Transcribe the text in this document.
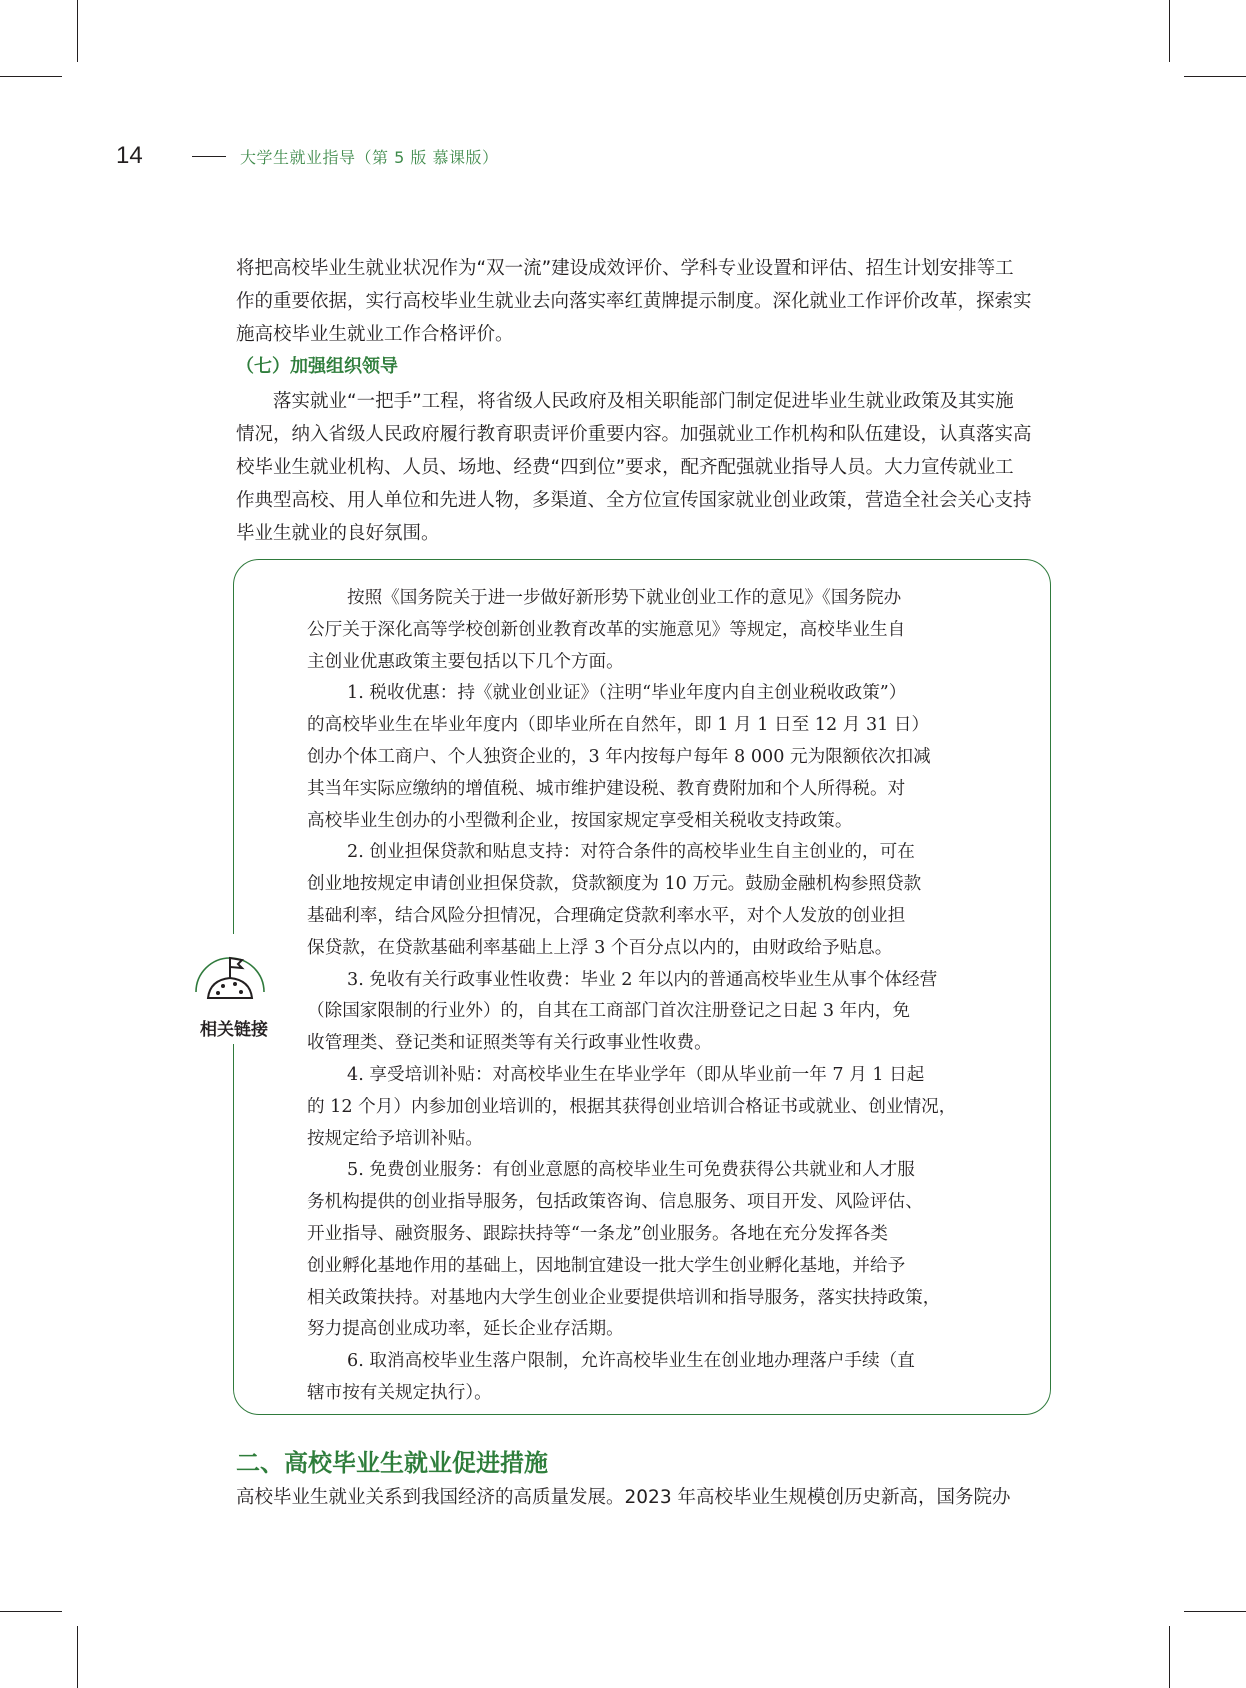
14	大学生就业指导（第 5 版 慕课版）

将把高校毕业生就业状况作为“双一流”建设成效评价、学科专业设置和评估、招生计划安排等工
作的重要依据，实行高校毕业生就业去向落实率红黄牌提示制度。深化就业工作评价改革，探索实
施高校毕业生就业工作合格评价。

（七）加强组织领导

落实就业“一把手”工程，将省级人民政府及相关职能部门制定促进毕业生就业政策及其实施
情况，纳入省级人民政府履行教育职责评价重要内容。加强就业工作机构和队伍建设，认真落实高
校毕业生就业机构、人员、场地、经费“四到位”要求，配齐配强就业指导人员。大力宣传就业工
作典型高校、用人单位和先进人物，多渠道、全方位宣传国家就业创业政策，营造全社会关心支持
毕业生就业的良好氛围。

相关链接
按照《国务院关于进一步做好新形势下就业创业工作的意见》《国务院办
公厅关于深化高等学校创新创业教育改革的实施意见》等规定，高校毕业生自
主创业优惠政策主要包括以下几个方面。
1. 税收优惠：持《就业创业证》（注明“毕业年度内自主创业税收政策”）
的高校毕业生在毕业年度内（即毕业所在自然年，即 1 月 1 日至 12 月 31 日）
创办个体工商户、个人独资企业的，3 年内按每户每年 8 000 元为限额依次扣减
其当年实际应缴纳的增值税、城市维护建设税、教育费附加和个人所得税。对
高校毕业生创办的小型微利企业，按国家规定享受相关税收支持政策。
2. 创业担保贷款和贴息支持：对符合条件的高校毕业生自主创业的，可在
创业地按规定申请创业担保贷款，贷款额度为 10 万元。鼓励金融机构参照贷款
基础利率，结合风险分担情况，合理确定贷款利率水平，对个人发放的创业担
保贷款，在贷款基础利率基础上上浮 3 个百分点以内的，由财政给予贴息。
3. 免收有关行政事业性收费：毕业 2 年以内的普通高校毕业生从事个体经营
（除国家限制的行业外）的，自其在工商部门首次注册登记之日起 3 年内，免
收管理类、登记类和证照类等有关行政事业性收费。
4. 享受培训补贴：对高校毕业生在毕业学年（即从毕业前一年 7 月 1 日起
的 12 个月）内参加创业培训的，根据其获得创业培训合格证书或就业、创业情况，
按规定给予培训补贴。
5. 免费创业服务：有创业意愿的高校毕业生可免费获得公共就业和人才服
务机构提供的创业指导服务，包括政策咨询、信息服务、项目开发、风险评估、
开业指导、融资服务、跟踪扶持等“一条龙”创业服务。各地在充分发挥各类
创业孵化基地作用的基础上，因地制宜建设一批大学生创业孵化基地，并给予
相关政策扶持。对基地内大学生创业企业要提供培训和指导服务，落实扶持政策，
努力提高创业成功率，延长企业存活期。
6. 取消高校毕业生落户限制，允许高校毕业生在创业地办理落户手续（直
辖市按有关规定执行）。
二、高校毕业生就业促进措施

高校毕业生就业关系到我国经济的高质量发展。2023 年高校毕业生规模创历史新高，国务院办
